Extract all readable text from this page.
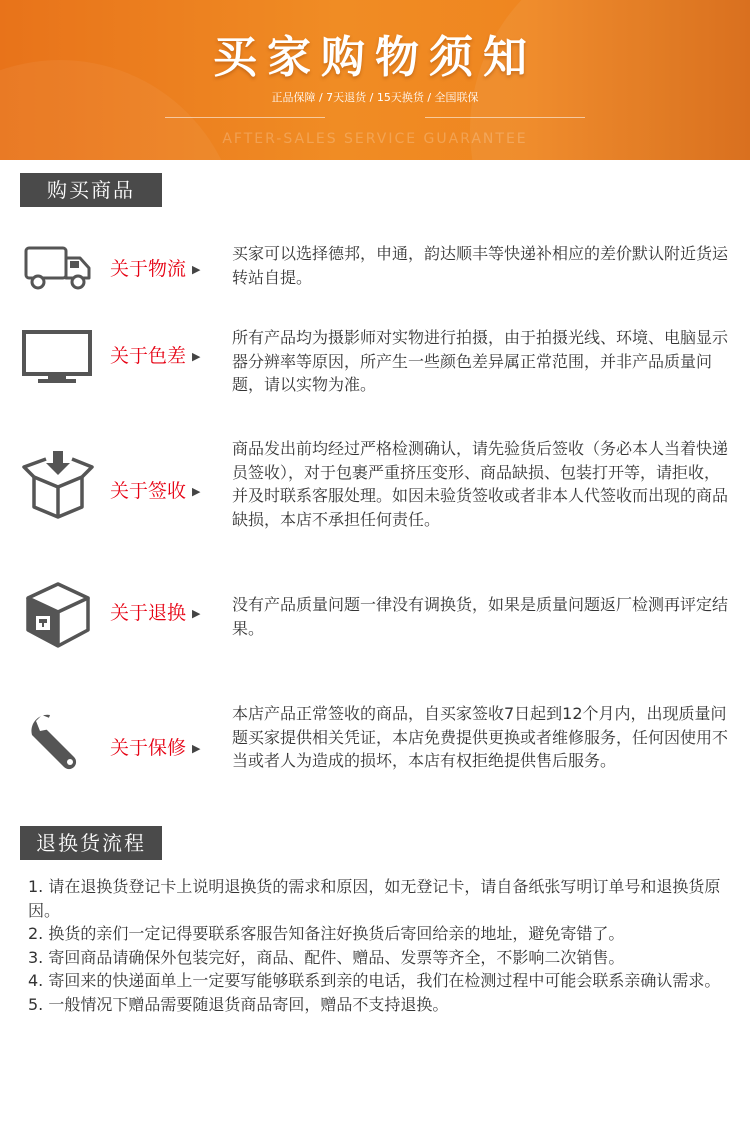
买家购物须知
正品保障 / 7天退货 / 15天换货 / 全国联保
AFTER-SALES SERVICE GUARANTEE
购买商品
关于物流 ▶
买家可以选择德邦，申通，韵达顺丰等快递补相应的差价默认附近货运转站自提。
关于色差 ▶
所有产品均为摄影师对实物进行拍摄，由于拍摄光线、环境、电脑显示器分辨率等原因，所产生一些颜色差异属正常范围，并非产品质量问题，请以实物为准。
关于签收 ▶
商品发出前均经过严格检测确认，请先验货后签收（务必本人当着快递员签收），对于包裹严重挤压变形、商品缺损、包装打开等，请拒收，并及时联系客服处理。如因未验货签收或者非本人代签收而出现的商品缺损，本店不承担任何责任。
关于退换 ▶	没有产品质量问题一律没有调换货，如果是质量问题返厂检测再评定结果。
关于保修 ▶
本店产品正常签收的商品，自买家签收7日起到12个月内，出现质量问题买家提供相关凭证，本店免费提供更换或者维修服务，任何因使用不当或者人为造成的损坏，本店有权拒绝提供售后服务。
退换货流程

1. 请在退换货登记卡上说明退换货的需求和原因，如无登记卡，请自备纸张写明订单号和退换货原因。

2. 换货的亲们一定记得要联系客服告知备注好换货后寄回给亲的地址，避免寄错了。

3. 寄回商品请确保外包装完好，商品、配件、赠品、发票等齐全，不影响二次销售。

4. 寄回来的快递面单上一定要写能够联系到亲的电话，我们在检测过程中可能会联系亲确认需求。

5. 一般情况下赠品需要随退货商品寄回，赠品不支持退换。
